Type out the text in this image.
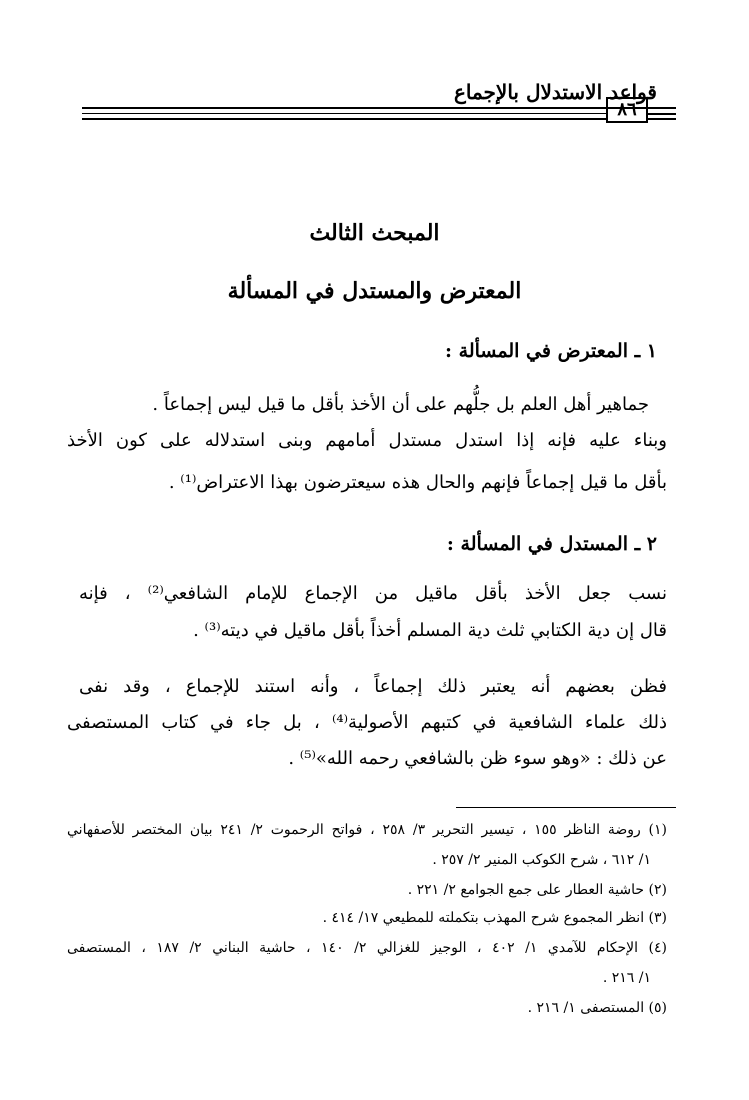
قواعد الاستدلال بالإجماع
٨٦
المبحث الثالث
المعترض والمستدل في المسألة
١ ـ المعترض في المسألة :
جماهير أهل العلم بل جلُّهم على أن الأخذ بأقل ما قيل ليس إجماعاً .
وبناء عليه فإنه إذا استدل مستدل أمامهم وبنى استدلاله على كون الأخذ
بأقل ما قيل إجماعاً فإنهم والحال هذه سيعترضون بهذا الاعتراض⁽¹⁾ .
٢ ـ المستدل في المسألة :
نسب جعل الأخذ بأقل ماقيل من الإجماع للإمام الشافعي⁽²⁾ ، فإنه
قال إن دية الكتابي ثلث دية المسلم أخذاً بأقل ماقيل في ديته⁽³⁾ .
فظن بعضهم أنه يعتبر ذلك إجماعاً ، وأنه استند للإجماع ، وقد نفى
ذلك علماء الشافعية في كتبهم الأصولية⁽⁴⁾ ، بل جاء في كتاب المستصفى
عن ذلك : «وهو سوء ظن بالشافعي رحمه الله»⁽⁵⁾ .
(١) روضة الناظر ١٥٥ ، تيسير التحرير ٣/ ٢٥٨ ، فواتح الرحموت ٢/ ٢٤١ بيان المختصر للأصفهاني
١/ ٦١٢ ، شرح الكوكب المنير ٢/ ٢٥٧ .
(٢) حاشية العطار على جمع الجوامع ٢/ ٢٢١ .
(٣) انظر المجموع شرح المهذب بتكملته للمطيعي ١٧/ ٤١٤ .
(٤) الإحكام للآمدي ١/ ٤٠٢ ، الوجيز للغزالي ٢/ ١٤٠ ، حاشية البناني ٢/ ١٨٧ ، المستصفى
١/ ٢١٦ .
(٥) المستصفى ١/ ٢١٦ .
